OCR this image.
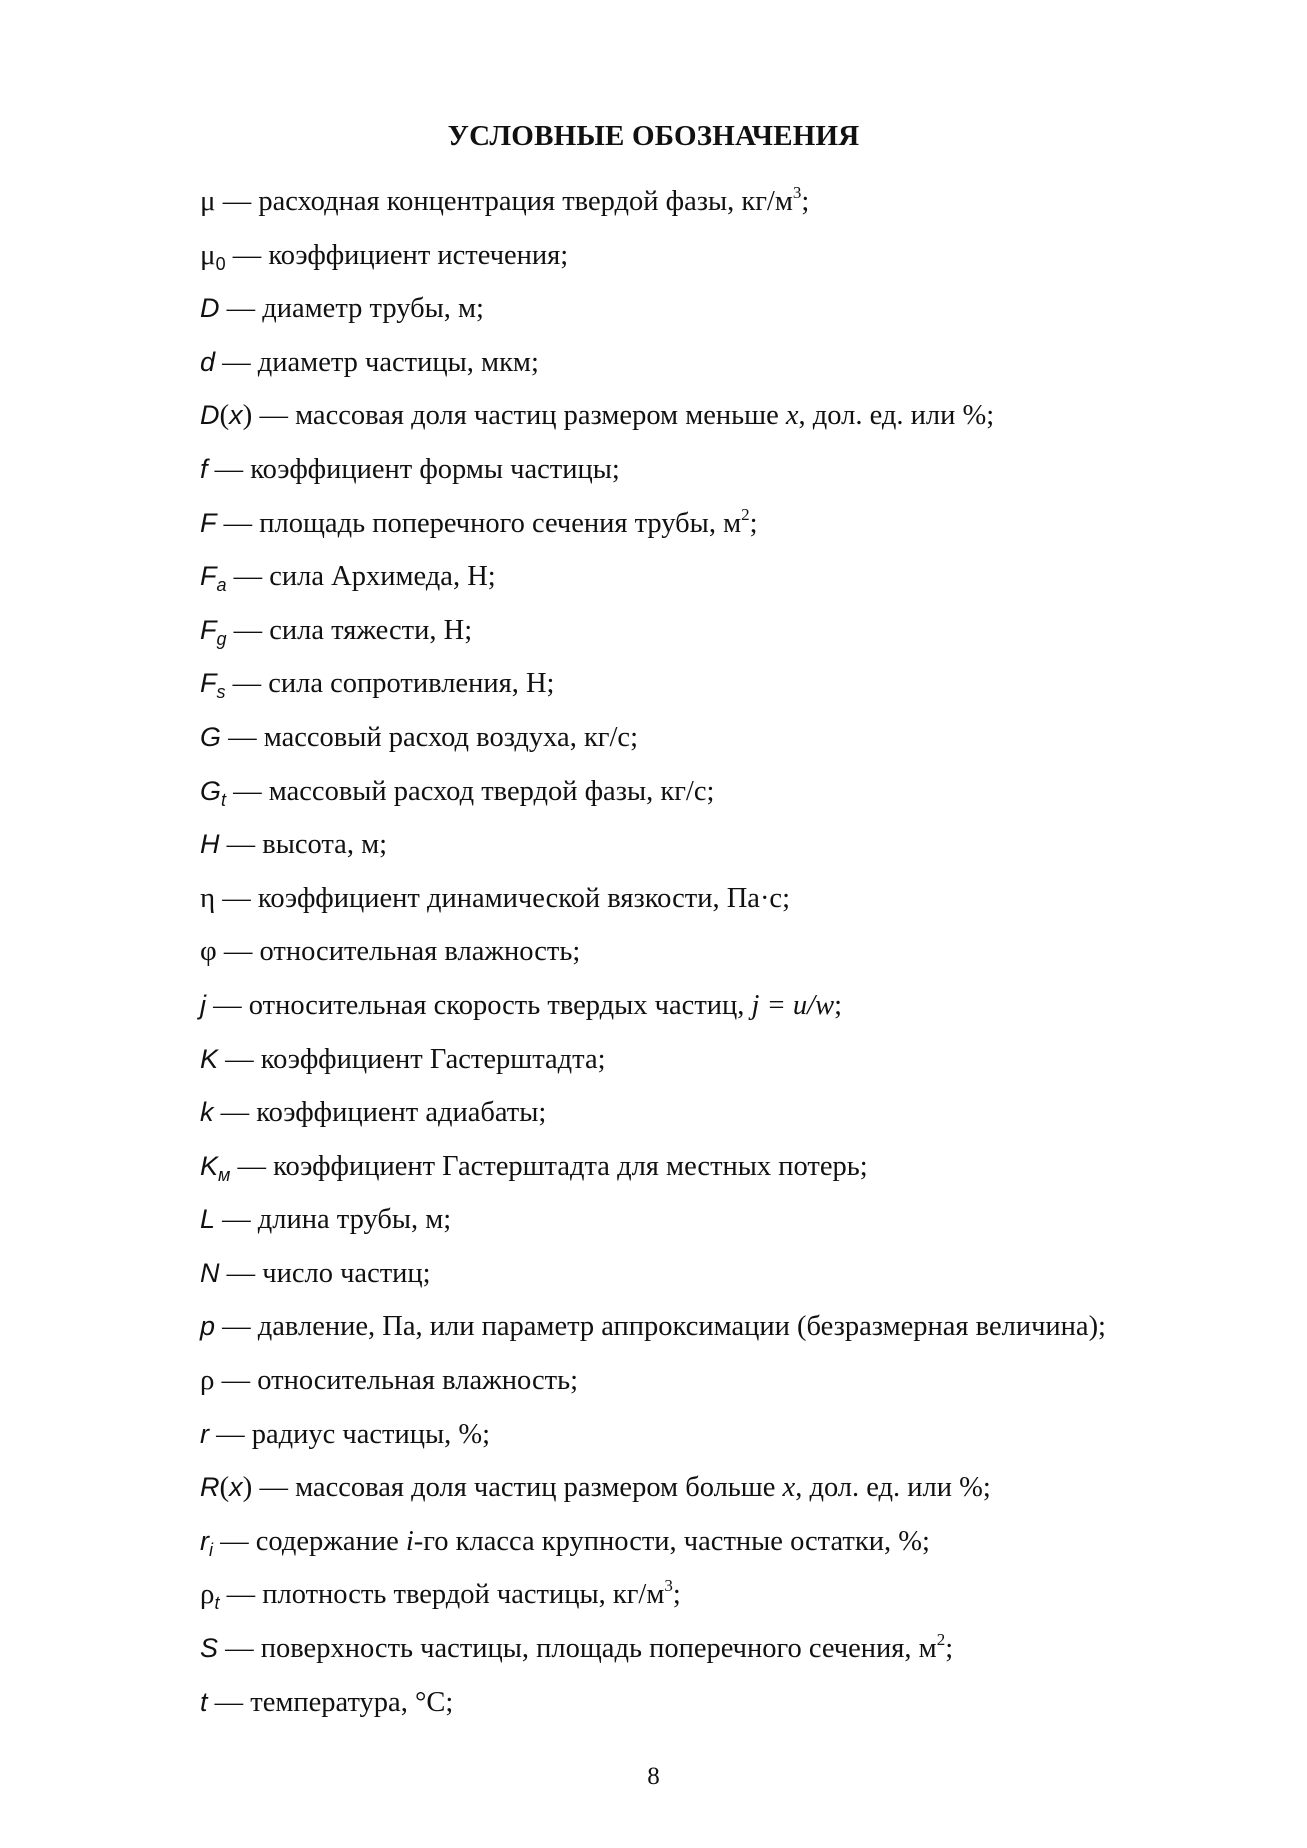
УСЛОВНЫЕ ОБОЗНАЧЕНИЯ
μ — расходная концентрация твердой фазы, $кг/м^3$;
$\mu_0$ — коэффициент истечения;
D — диаметр трубы, м;
d — диаметр частицы, мкм;
D(x) — массовая доля частиц размером меньше x, дол. ед. или %;
f — коэффициент формы частицы;
F — площадь поперечного сечения трубы, $м^2$;
$F_a$ — сила Архимеда, Н;
$F_g$ — сила тяжести, Н;
$F_s$ — сила сопротивления, Н;
G — массовый расход воздуха, кг/с;
$G_t$ — массовый расход твердой фазы, кг/с;
H — высота, м;
η — коэффициент динамической вязкости, Па·с;
φ — относительная влажность;
j — относительная скорость твердых частиц, j = u/w;
K — коэффициент Гастерштадта;
k — коэффициент адиабаты;
$K_м$ — коэффициент Гастерштадта для местных потерь;
L — длина трубы, м;
N — число частиц;
p — давление, Па, или параметр аппроксимации (безразмерная величина);
ρ — относительная влажность;
r — радиус частицы, %;
R(x) — массовая доля частиц размером больше x, дол. ед. или %;
$r_i$ — содержание i-го класса крупности, частные остатки, %;
$\rho_t$ — плотность твердой частицы, $кг/м^3$;
S — поверхность частицы, площадь поперечного сечения, $м^2$;
t — температура, °С;
8
